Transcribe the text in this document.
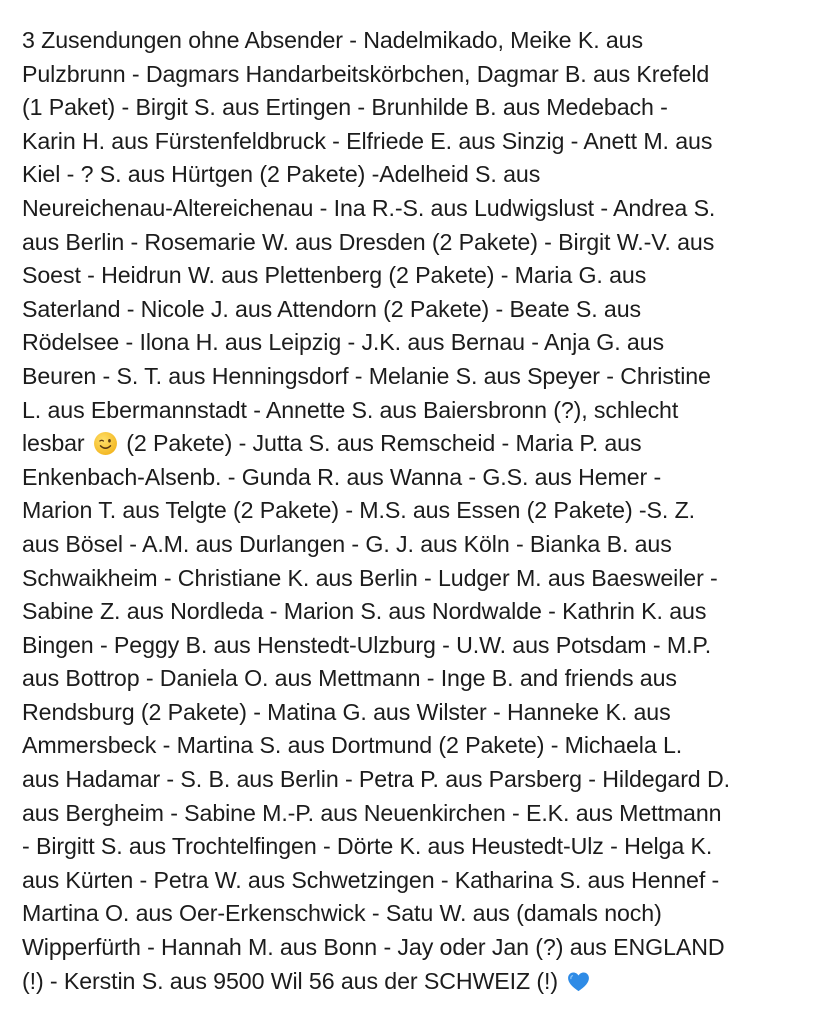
3 Zusendungen ohne Absender - Nadelmikado, Meike K. aus
Pulzbrunn - Dagmars Handarbeitskörbchen, Dagmar B. aus Krefeld
(1 Paket) - Birgit S. aus Ertingen - Brunhilde B. aus Medebach -
Karin H. aus Fürstenfeldbruck - Elfriede E. aus Sinzig - Anett M. aus
Kiel - ? S. aus Hürtgen (2 Pakete) -Adelheid S. aus
Neureichenau-Altereichenau - Ina R.-S. aus Ludwigslust - Andrea S.
aus Berlin - Rosemarie W. aus Dresden (2 Pakete) - Birgit W.-V. aus
Soest - Heidrun W. aus Plettenberg (2 Pakete) - Maria G. aus
Saterland - Nicole J. aus Attendorn (2 Pakete) - Beate S. aus
Rödelsee - Ilona H. aus Leipzig - J.K. aus Bernau - Anja G. aus
Beuren - S. T. aus Henningsdorf - Melanie S. aus Speyer - Christine
L. aus Ebermannstadt - Annette S. aus Baiersbronn (?), schlecht
lesbar (2 Pakete) - Jutta S. aus Remscheid - Maria P. aus
Enkenbach-Alsenb. - Gunda R. aus Wanna - G.S. aus Hemer -
Marion T. aus Telgte (2 Pakete) - M.S. aus Essen (2 Pakete) -S. Z.
aus Bösel - A.M. aus Durlangen - G. J. aus Köln - Bianka B. aus
Schwaikheim - Christiane K. aus Berlin - Ludger M. aus Baesweiler -
Sabine Z. aus Nordleda - Marion S. aus Nordwalde - Kathrin K. aus
Bingen - Peggy B. aus Henstedt-Ulzburg - U.W. aus Potsdam - M.P.
aus Bottrop - Daniela O. aus Mettmann - Inge B. and friends aus
Rendsburg (2 Pakete) - Matina G. aus Wilster - Hanneke K. aus
Ammersbeck - Martina S. aus Dortmund (2 Pakete) - Michaela L.
aus Hadamar - S. B. aus Berlin - Petra P. aus Parsberg - Hildegard D.
aus Bergheim - Sabine M.-P. aus Neuenkirchen - E.K. aus Mettmann
- Birgitt S. aus Trochtelfingen - Dörte K. aus Heustedt-Ulz - Helga K.
aus Kürten - Petra W. aus Schwetzingen - Katharina S. aus Hennef -
Martina O. aus Oer-Erkenschwick - Satu W. aus (damals noch)
Wipperfürth - Hannah M. aus Bonn - Jay oder Jan (?) aus ENGLAND
(!) - Kerstin S. aus 9500 Wil 56 aus der SCHWEIZ (!)
